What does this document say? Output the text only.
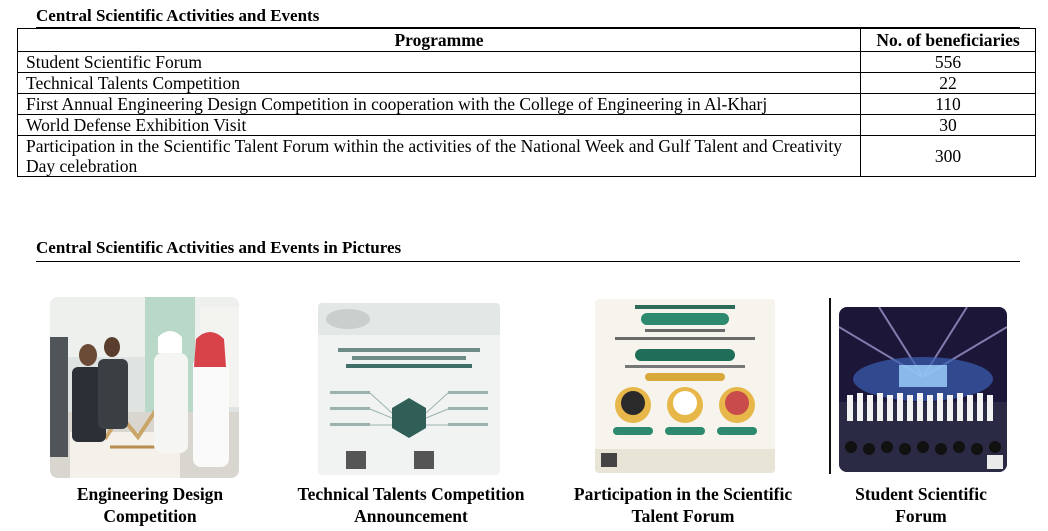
Central Scientific Activities and Events
Programme	No. of beneficiaries
Student Scientific Forum	556
Technical Talents Competition	22
First Annual Engineering Design Competition in cooperation with the College of Engineering in Al-Kharj	110
World Defense Exhibition Visit	30
Participation in the Scientific Talent Forum within the activities of the National Week and Gulf Talent and Creativity Day celebration	300
Central Scientific Activities and Events in Pictures
Engineering Design Competition
Technical Talents Competition Announcement
Participation in the Scientific Talent Forum
Student Scientific Forum
